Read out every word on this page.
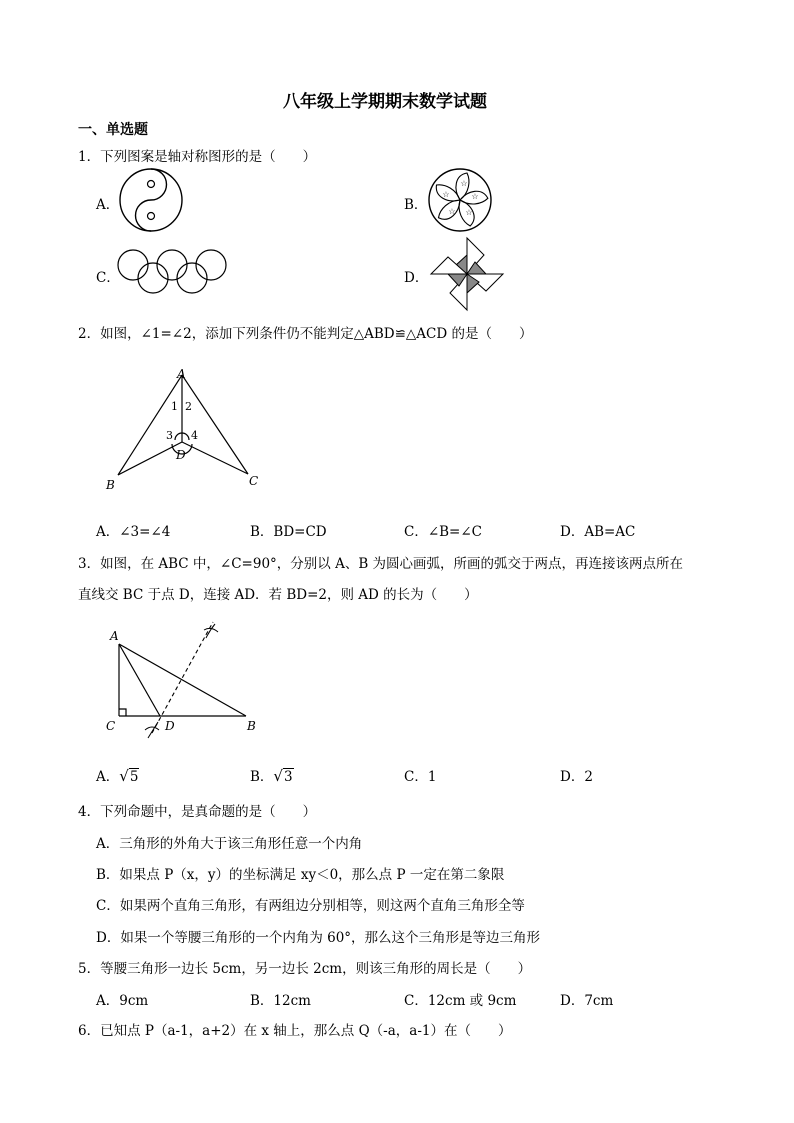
八年级上学期期末数学试题
一、单选题
1．下列图案是轴对称图形的是（　　）
A．	B．
☆
☆
☆
☆
☆
C．	D．
2．如图，∠1=∠2，添加下列条件仍不能判定△ABD≌△ACD 的是（　　）
A
B	C
D
1 2
3 4
A．∠3=∠4	B．BD=CD	C．∠B=∠C	D．AB=AC
3．如图，在 ABC 中，∠C=90°，分别以 A、B 为圆心画弧，所画的弧交于两点，再连接该两点所在
直线交 BC 于点 D，连接 AD．若 BD=2，则 AD 的长为（　　）
A
C	D	B
A．√5	B．√3	C．1	D．2
4．下列命题中，是真命题的是（　　）
A．三角形的外角大于该三角形任意一个内角
B．如果点 P（x，y）的坐标满足 xy＜0，那么点 P 一定在第二象限
C．如果两个直角三角形，有两组边分别相等，则这两个直角三角形全等
D．如果一个等腰三角形的一个内角为 60°，那么这个三角形是等边三角形
5．等腰三角形一边长 5cm，另一边长 2cm，则该三角形的周长是（　　）
A．9cm	B．12cm	C．12cm 或 9cm	D．7cm
6．已知点 P（a-1，a+2）在 x 轴上，那么点 Q（-a，a-1）在（　　）
